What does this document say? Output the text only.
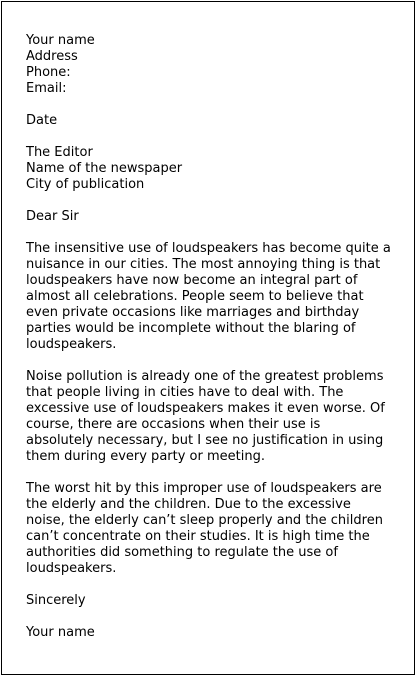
Your name
Address
Phone:
Email:
Date
The Editor
Name of the newspaper
City of publication
Dear Sir
The insensitive use of loudspeakers has become quite a
nuisance in our cities. The most annoying thing is that
loudspeakers have now become an integral part of
almost all celebrations. People seem to believe that
even private occasions like marriages and birthday
parties would be incomplete without the blaring of
loudspeakers.
Noise pollution is already one of the greatest problems
that people living in cities have to deal with. The
excessive use of loudspeakers makes it even worse. Of
course, there are occasions when their use is
absolutely necessary, but I see no justification in using
them during every party or meeting.
The worst hit by this improper use of loudspeakers are
the elderly and the children. Due to the excessive
noise, the elderly can’t sleep properly and the children
can’t concentrate on their studies. It is high time the
authorities did something to regulate the use of
loudspeakers.
Sincerely
Your name
